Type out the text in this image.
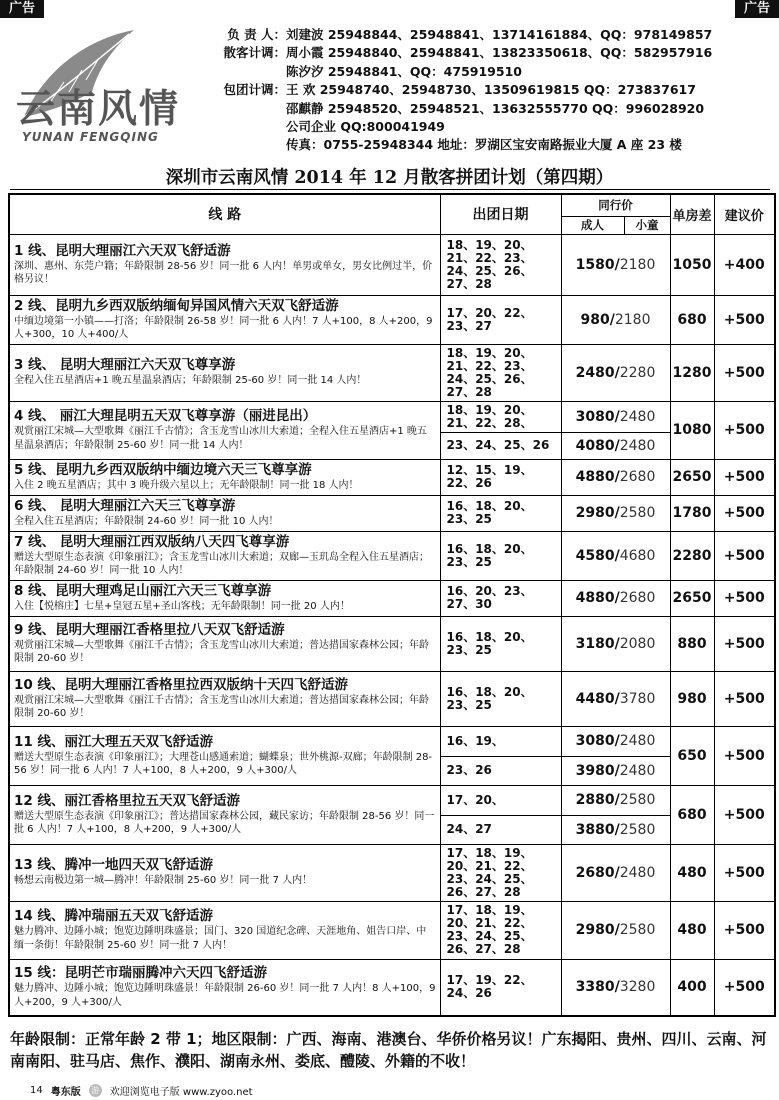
广告	广告
云南风情
YUNAN FENGQING
负 责 人：刘建波 25948844、25948841、13714161884、QQ：978149857
散客计调：周小霞 25948840、25948841、13823350618、QQ：582957916
陈汐汐 25948841、QQ：475919510
包团计调：王 欢 25948740、25948730、13509619815 QQ：273837617
邵麒静 25948520、25948521、13632555770 QQ：996028920
公司企业 QQ:800041949
传真：0755-25948344 地址：罗湖区宝安南路振业大厦 A 座 23 楼
深圳市云南风情 2014 年 12 月散客拼团计划（第四期）
线 路	出团日期	同行价		单房差	建议价
		成人	小童		

1 线、昆明大理丽江六天双飞舒适游
深圳、惠州、东莞户籍；年龄限制 28-56 岁！同一批 6 人内！单男或单女，男女比例过半，价格另议！	18、19、20、21、22、23、24、25、26、27、28	1580/2180		1050	+400

2 线、昆明九乡西双版纳缅甸异国风情六天双飞舒适游
中缅边境第一小镇——打洛；年龄限制 26-58 岁！同一批 6 人内！7 人+100，8 人+200，9 人+300，10 人+400/人	17、20、22、23、27	980/2180		680	+500

3 线、 昆明大理丽江六天双飞尊享游
全程入住五星酒店+1 晚五星温泉酒店；年龄限制 25-60 岁！同一批 14 人内！	18、19、20、21、22、23、24、25、26、27、28	2480/2280		1280	+500

4 线、 丽江大理昆明五天双飞尊享游（丽进昆出）
观赏丽江宋城—大型歌舞《丽江千古情》；含玉龙雪山冰川大索道；全程入住五星酒店+1 晚五星温泉酒店；年龄限制 25-60 岁！同一批 14 人内！	18、19、20、21、22、28、	3080/2480		1080	+500
	23、24、25、26	4080/2480			

5 线、昆明九乡西双版纳中缅边境六天三飞尊享游
入住 2 晚五星酒店；其中 3 晚升级六星以上；无年龄限制！同一批 18 人内！	12、15、19、22、26	4880/2680		2650	+500

6 线、 昆明大理丽江六天三飞尊享游
全程入住五星酒店；年龄限制 24-60 岁！同一批 10 人内！	16、18、20、23、25	2980/2580		1780	+500

7 线、 昆明大理丽江西双版纳八天四飞尊享游
赠送大型原生态表演《印象丽江》；含玉龙雪山冰川大索道；双廊—玉玑岛全程入住五星酒店；年龄限制 24-60 岁！同一批 10 人内！	16、18、20、23、25	4580/4680		2280	+500

8 线、昆明大理鸡足山丽江六天三飞尊享游
入住【悦榕庄】七星+皇冠五星+圣山客栈；无年龄限制！同一批 20 人内！	16、20、23、27、30	4880/2680		2650	+500

9 线、昆明大理丽江香格里拉八天双飞舒适游
观赏丽江宋城—大型歌舞《丽江千古情》；含玉龙雪山冰川大索道；普达措国家森林公园；年龄限制 20-60 岁！	16、18、20、23、25	3180/2080		880	+500

10 线、昆明大理丽江香格里拉西双版纳十天四飞舒适游
观赏丽江宋城—大型歌舞《丽江千古情》；含玉龙雪山冰川大索道；普达措国家森林公园；年龄限制 20-60 岁！	16、18、20、23、25	4480/3780		980	+500

11 线、丽江大理五天双飞舒适游
赠送大型原生态表演《印象丽江》；大理苍山感通索道；蝴蝶泉；世外桃源-双廊；年龄限制 28-56 岁！同一批 6 人内！7 人+100，8 人+200，9 人+300/人	16、19、	3080/2480		650	+500
	23、26	3980/2480			

12 线、丽江香格里拉五天双飞舒适游
赠送大型原生态表演《印象丽江》；普达措国家森林公园，藏民家访；年龄限制 28-56 岁！同一批 6 人内！7 人+100，8 人+200，9 人+300/人	17、20、	2880/2580		680	+500
	24、27	3880/2580			

13 线、腾冲一地四天双飞舒适游
畅想云南极边第一城—腾冲！年龄限制 25-60 岁！同一批 7 人内！	17、18、19、20、21、22、23、24、25、26、27、28	2680/2480		480	+500

14 线、腾冲瑞丽五天双飞舒适游
魅力腾冲、边陲小城；饱览边陲明珠盛景；国门、320 国道纪念碑、天涯地角、姐告口岸、中缅一条街！年龄限制 25-60 岁！同一批 7 人内！	17、18、19、20、21、22、23、24、25、26、27、28	2980/2580		480	+500

15 线：昆明芒市瑞丽腾冲六天四飞舒适游
魅力腾冲、边陲小城；饱览边陲明珠盛景！年龄限制 26-60 岁！同一批 7 人内！8 人+100，9 人+200，9 人+300/人	17、19、22、24、26	3380/3280		400	+500
年龄限制：正常年龄 2 带 1；地区限制：广西、海南、港澳台、华侨价格另议！广东揭阳、贵州、四川、云南、河南南阳、驻马店、焦作、濮阳、湖南永州、娄底、醴陵、外籍的不收！
14 粤东版	游 欢迎浏览电子版 www.zyoo.net
